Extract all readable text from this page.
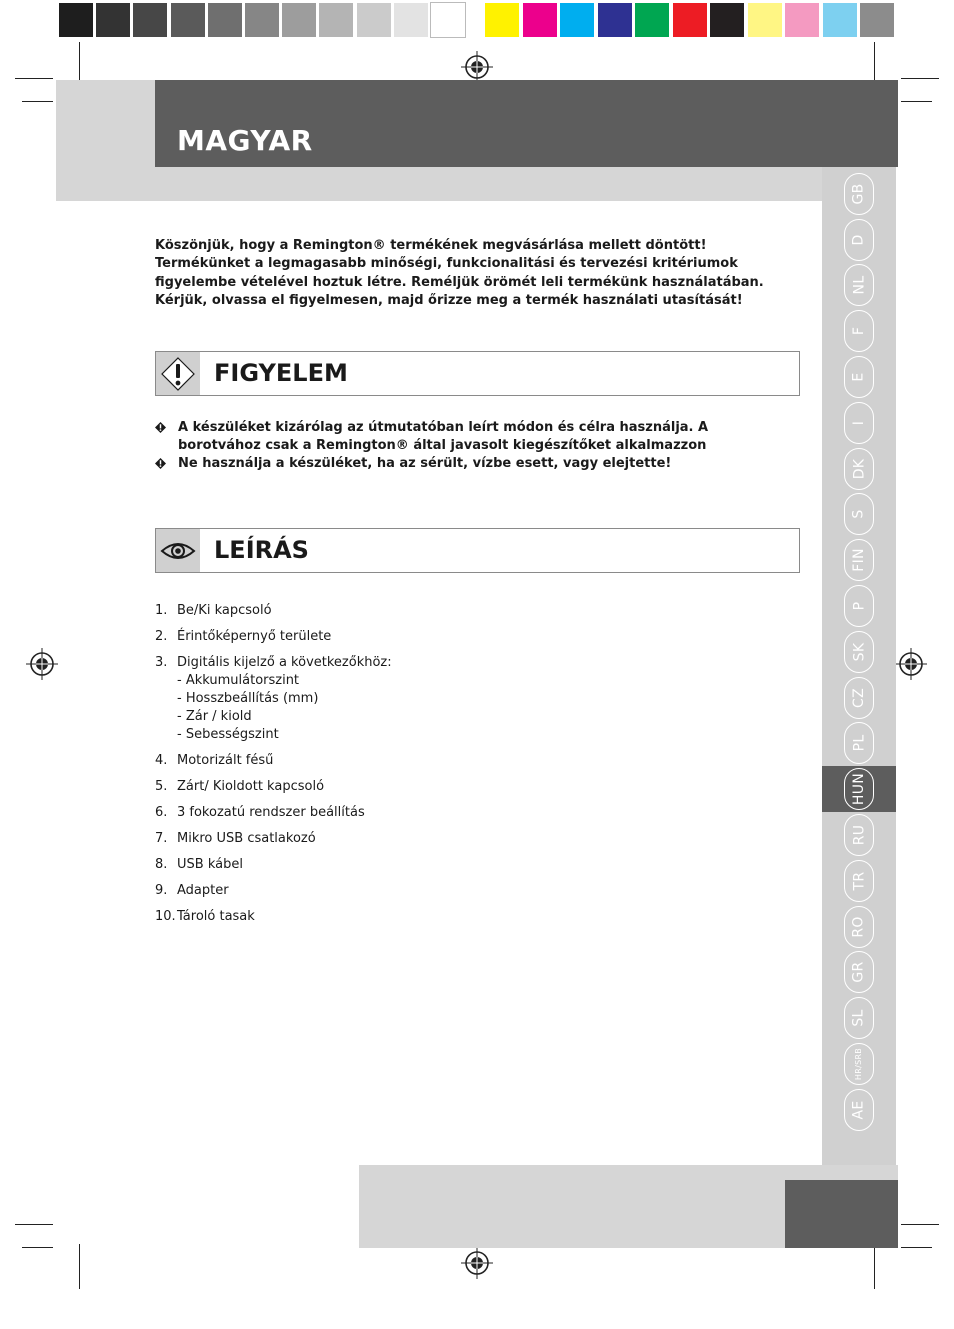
MAGYAR
GB
D
NL
F
E
I
DK
S
FIN
P
SK
CZ
PL
HUN
RU
TR
RO
GR
SL
HR/SRB
AE
Köszönjük, hogy a Remington® termékének megvásárlása mellett döntött!
Termékünket a legmagasabb minőségi, funkcionalitási és tervezési kritériumok
figyelembe vételével hoztuk létre. Reméljük örömét leli termékünk használatában.
Kérjük, olvassa el figyelmesen, majd őrizze meg a termék használati utasítását!
FIGYELEM
A készüléket kizárólag az útmutatóban leírt módon és célra használja. A borotvához csak a Remington® által javasolt kiegészítőket alkalmazzon
Ne használja a készüléket, ha az sérült, vízbe esett, vagy elejtette!
LEÍRÁS
1. Be/Ki kapcsoló
2. Érintőképernyő területe
3. Digitális kijelző a következőkhöz:
- Akkumulátorszint
- Hosszbeállítás (mm)
- Zár / kiold
- Sebességszint
4. Motorizált fésű
5. Zárt/ Kioldott kapcsoló
6. 3 fokozatú rendszer beállítás
7. Mikro USB csatlakozó
8. USB kábel
9. Adapter
10. Tároló tasak
